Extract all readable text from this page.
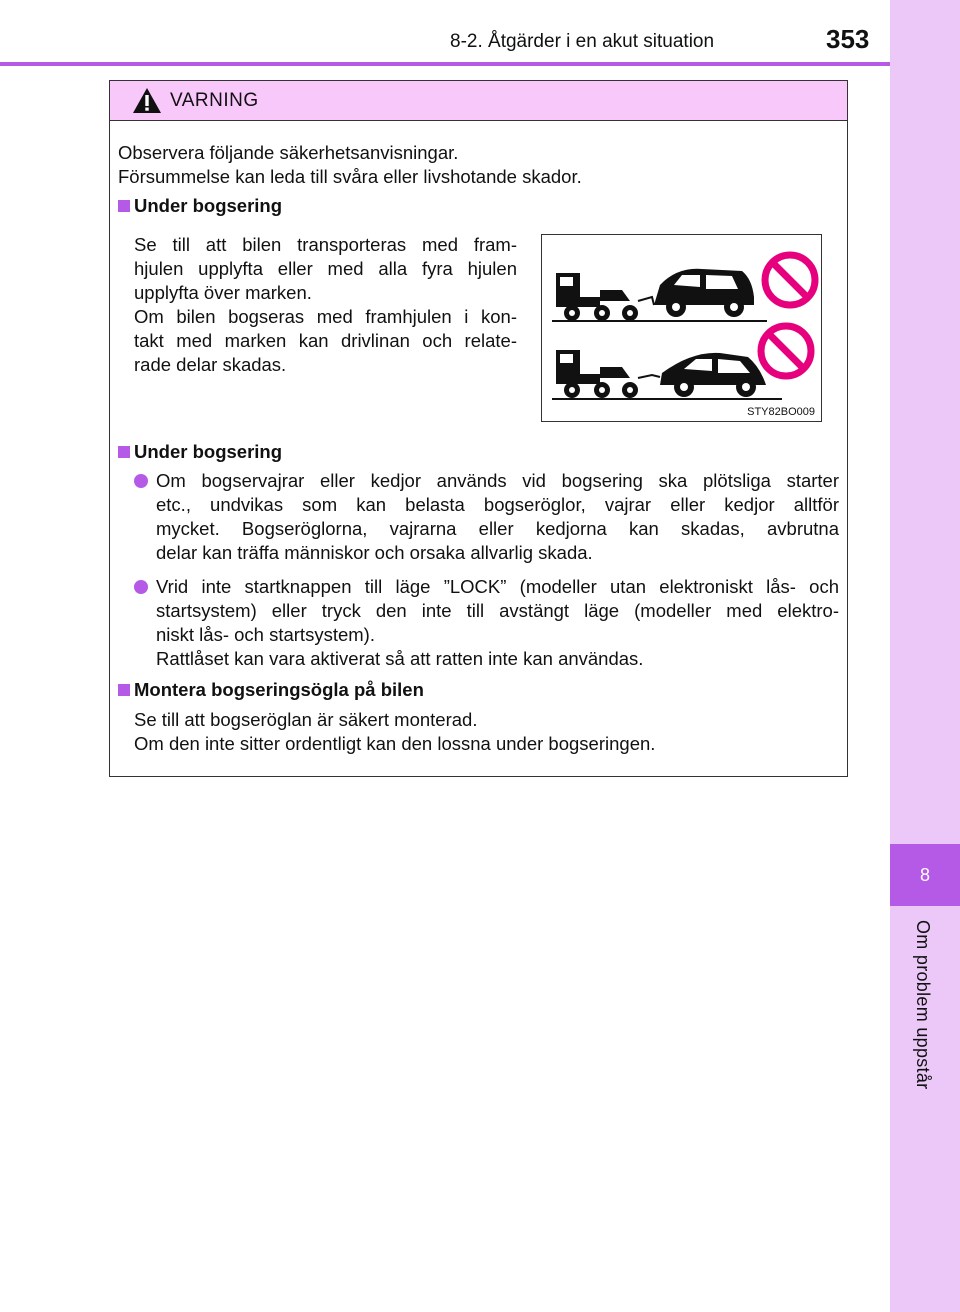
8-2. Åtgärder i en akut situation	353
8
Om problem uppstår
VARNING
Observera följande säkerhetsanvisningar.
Försummelse kan leda till svåra eller livshotande skador.
Under bogsering
Se till att bilen transporteras med fram-
hjulen upplyfta eller med alla fyra hjulen
upplyfta över marken.
Om bilen bogseras med framhjulen i kon-
takt med marken kan drivlinan och relate-
rade delar skadas.
STY82BO009
Under bogsering
Om bogservajrar eller kedjor används vid bogsering ska plötsliga starter
etc., undvikas som kan belasta bogseröglor, vajrar eller kedjor alltför
mycket. Bogseröglorna, vajrarna eller kedjorna kan skadas, avbrutna
delar kan träffa människor och orsaka allvarlig skada.
Vrid inte startknappen till läge ”LOCK” (modeller utan elektroniskt lås- och
startsystem) eller tryck den inte till avstängt läge (modeller med elektro-
niskt lås- och startsystem).
Rattlåset kan vara aktiverat så att ratten inte kan användas.
Montera bogseringsögla på bilen
Se till att bogseröglan är säkert monterad.
Om den inte sitter ordentligt kan den lossna under bogseringen.
